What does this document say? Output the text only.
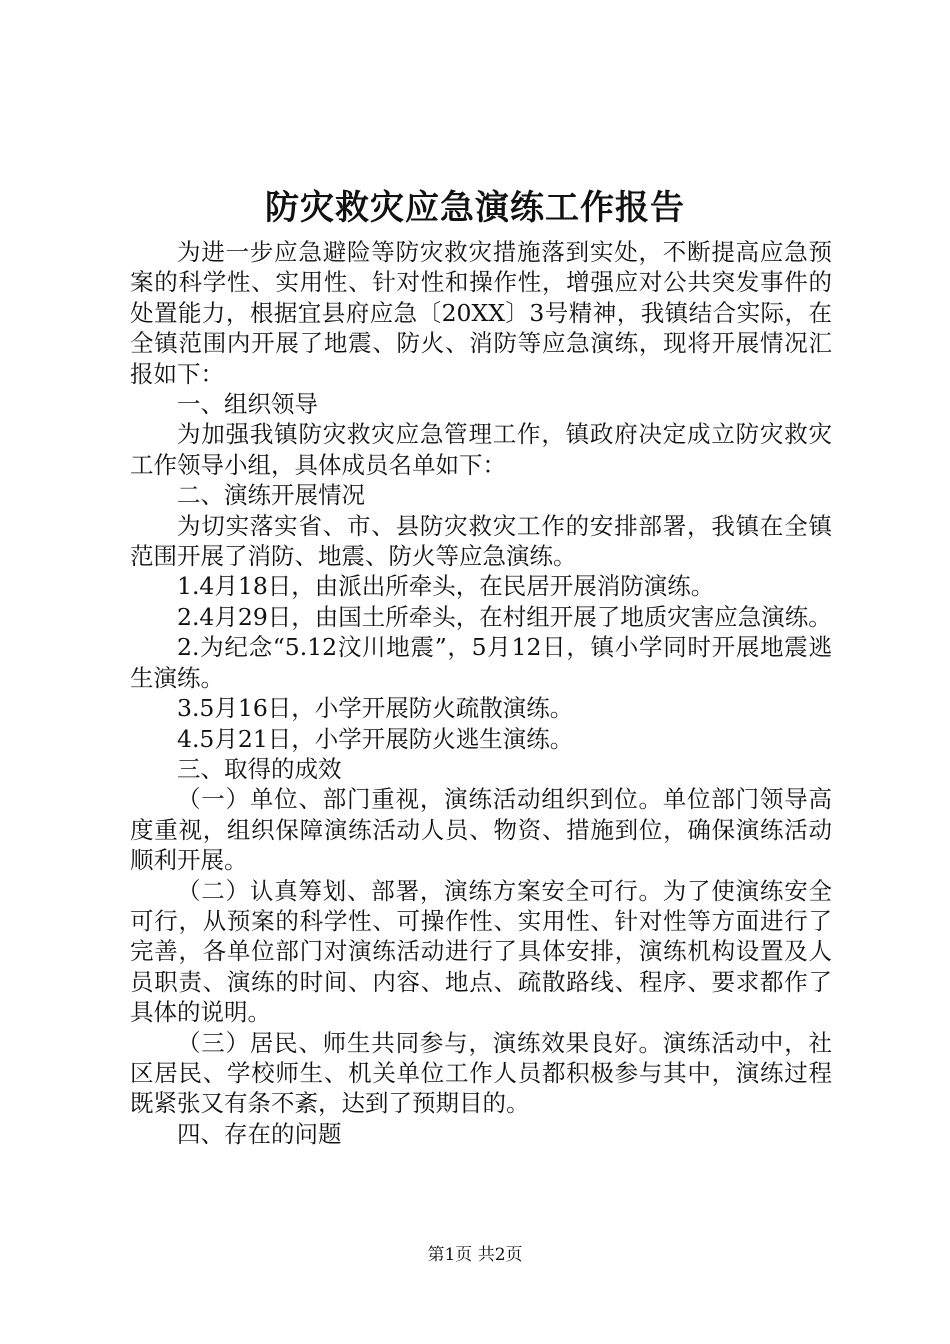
防灾救灾应急演练工作报告

为进一步应急避险等防灾救灾措施落到实处，不断提高应急预案的科学性、实用性、针对性和操作性，增强应对公共突发事件的处置能力，根据宜县府应急〔20XX〕3号精神，我镇结合实际，在全镇范围内开展了地震、防火、消防等应急演练，现将开展情况汇报如下：

一、组织领导

为加强我镇防灾救灾应急管理工作，镇政府决定成立防灾救灾工作领导小组，具体成员名单如下：

二、演练开展情况

为切实落实省、市、县防灾救灾工作的安排部署，我镇在全镇范围开展了消防、地震、防火等应急演练。

1.4月18日，由派出所牵头，在民居开展消防演练。

2.4月29日，由国土所牵头，在村组开展了地质灾害应急演练。

2.为纪念“5.12汶川地震”，5月12日，镇小学同时开展地震逃生演练。

3.5月16日，小学开展防火疏散演练。

4.5月21日，小学开展防火逃生演练。

三、取得的成效

（一）单位、部门重视，演练活动组织到位。单位部门领导高度重视，组织保障演练活动人员、物资、措施到位，确保演练活动顺利开展。

（二）认真筹划、部署，演练方案安全可行。为了使演练安全可行，从预案的科学性、可操作性、实用性、针对性等方面进行了完善，各单位部门对演练活动进行了具体安排，演练机构设置及人员职责、演练的时间、内容、地点、疏散路线、程序、要求都作了具体的说明。

（三）居民、师生共同参与，演练效果良好。演练活动中，社区居民、学校师生、机关单位工作人员都积极参与其中，演练过程既紧张又有条不紊，达到了预期目的。

四、存在的问题

第1页 共2页
